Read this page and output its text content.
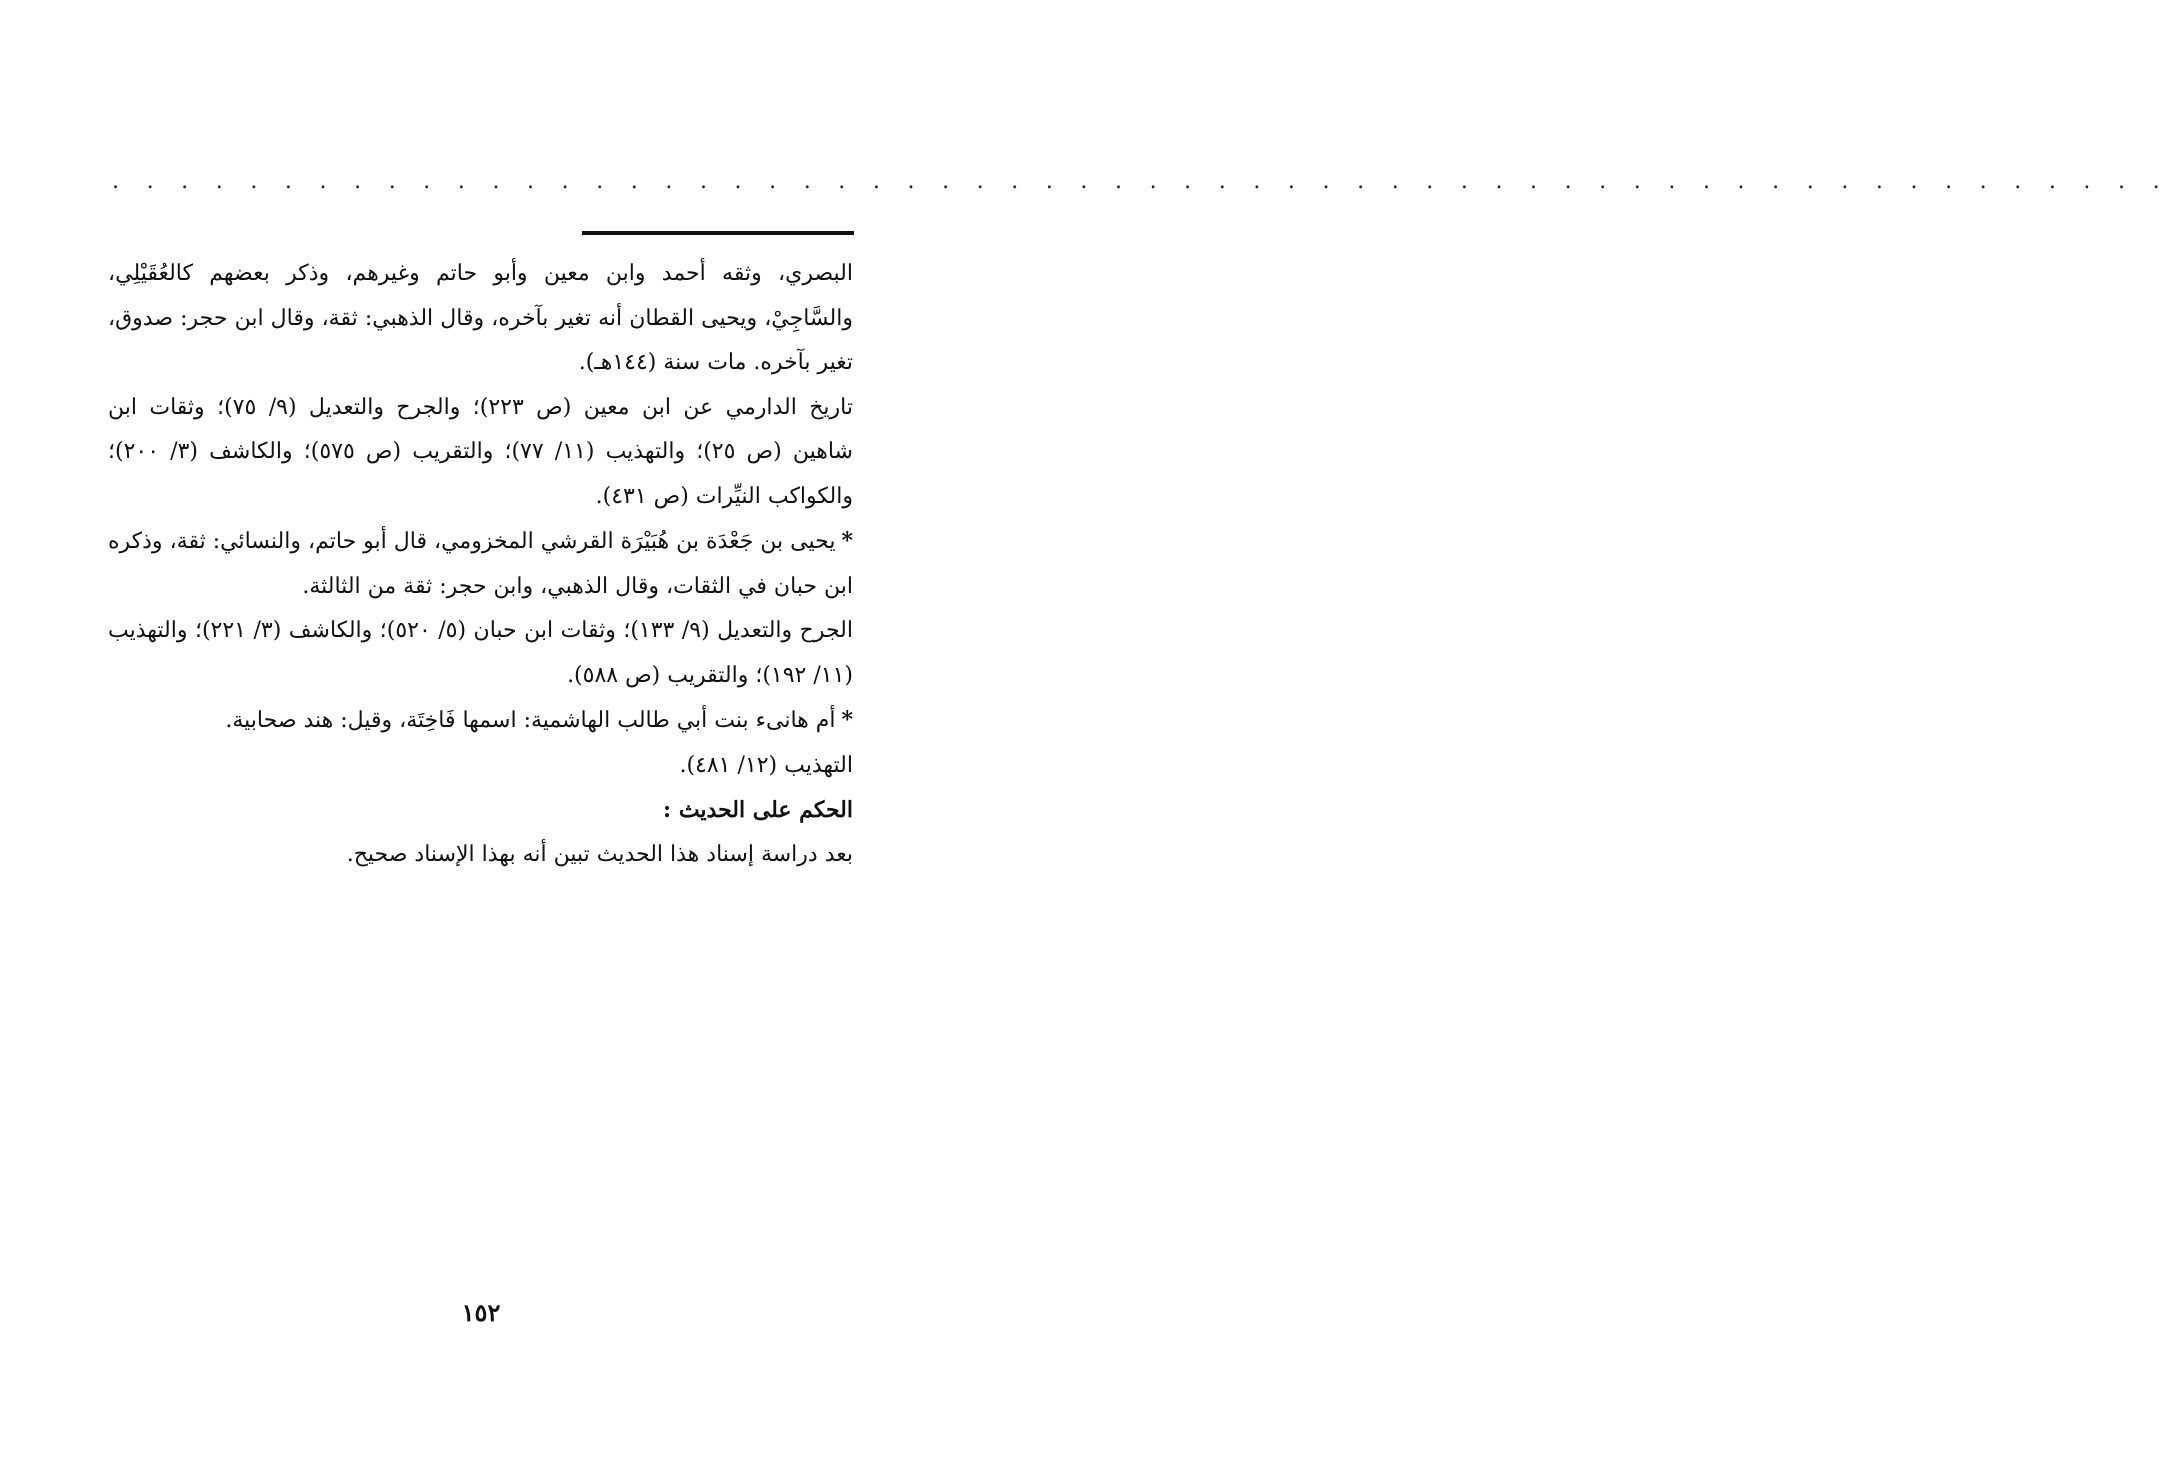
. . . . . . . . . . . . . . . . . . . . . . . . . . . . . . . . . . . . . . . . . . . . . . . . . . . . . . . . . . . .

البصري، وثقه أحمد وابن معين وأبو حاتم وغيرهم، وذكر بعضهم كالعُقَيْلِي، والسَّاجِيْ، ويحيى القطان أنه تغير بآخره، وقال الذهبي: ثقة، وقال ابن حجر: صدوق، تغير بآخره. مات سنة (١٤٤هـ).

تاريخ الدارمي عن ابن معين (ص ٢٢٣)؛ والجرح والتعديل (٩/ ٧٥)؛ وثقات ابن شاهين (ص ٢٥)؛ والتهذيب (١١/ ٧٧)؛ والتقريب (ص ٥٧٥)؛ والكاشف (٣/ ٢٠٠)؛ والكواكب النيِّرات (ص ٤٣١).

*يحيى بن جَعْدَة بن هُبَيْرَة القرشي المخزومي، قال أبو حاتم، والنسائي: ثقة، وذكره ابن حبان في الثقات، وقال الذهبي، وابن حجر: ثقة من الثالثة.

الجرح والتعديل (٩/ ١٣٣)؛ وثقات ابن حبان (٥/ ٥٢٠)؛ والكاشف (٣/ ٢٢١)؛ والتهذيب (١١/ ١٩٢)؛ والتقريب (ص ٥٨٨).

*أم هانىء بنت أبي طالب الهاشمية: اسمها فَاخِتَة، وقيل: هند صحابية.

التهذيب (١٢/ ٤٨١).

الحكم على الحديث :

بعد دراسة إسناد هذا الحديث تبين أنه بهذا الإسناد صحيح.

١٥٢
